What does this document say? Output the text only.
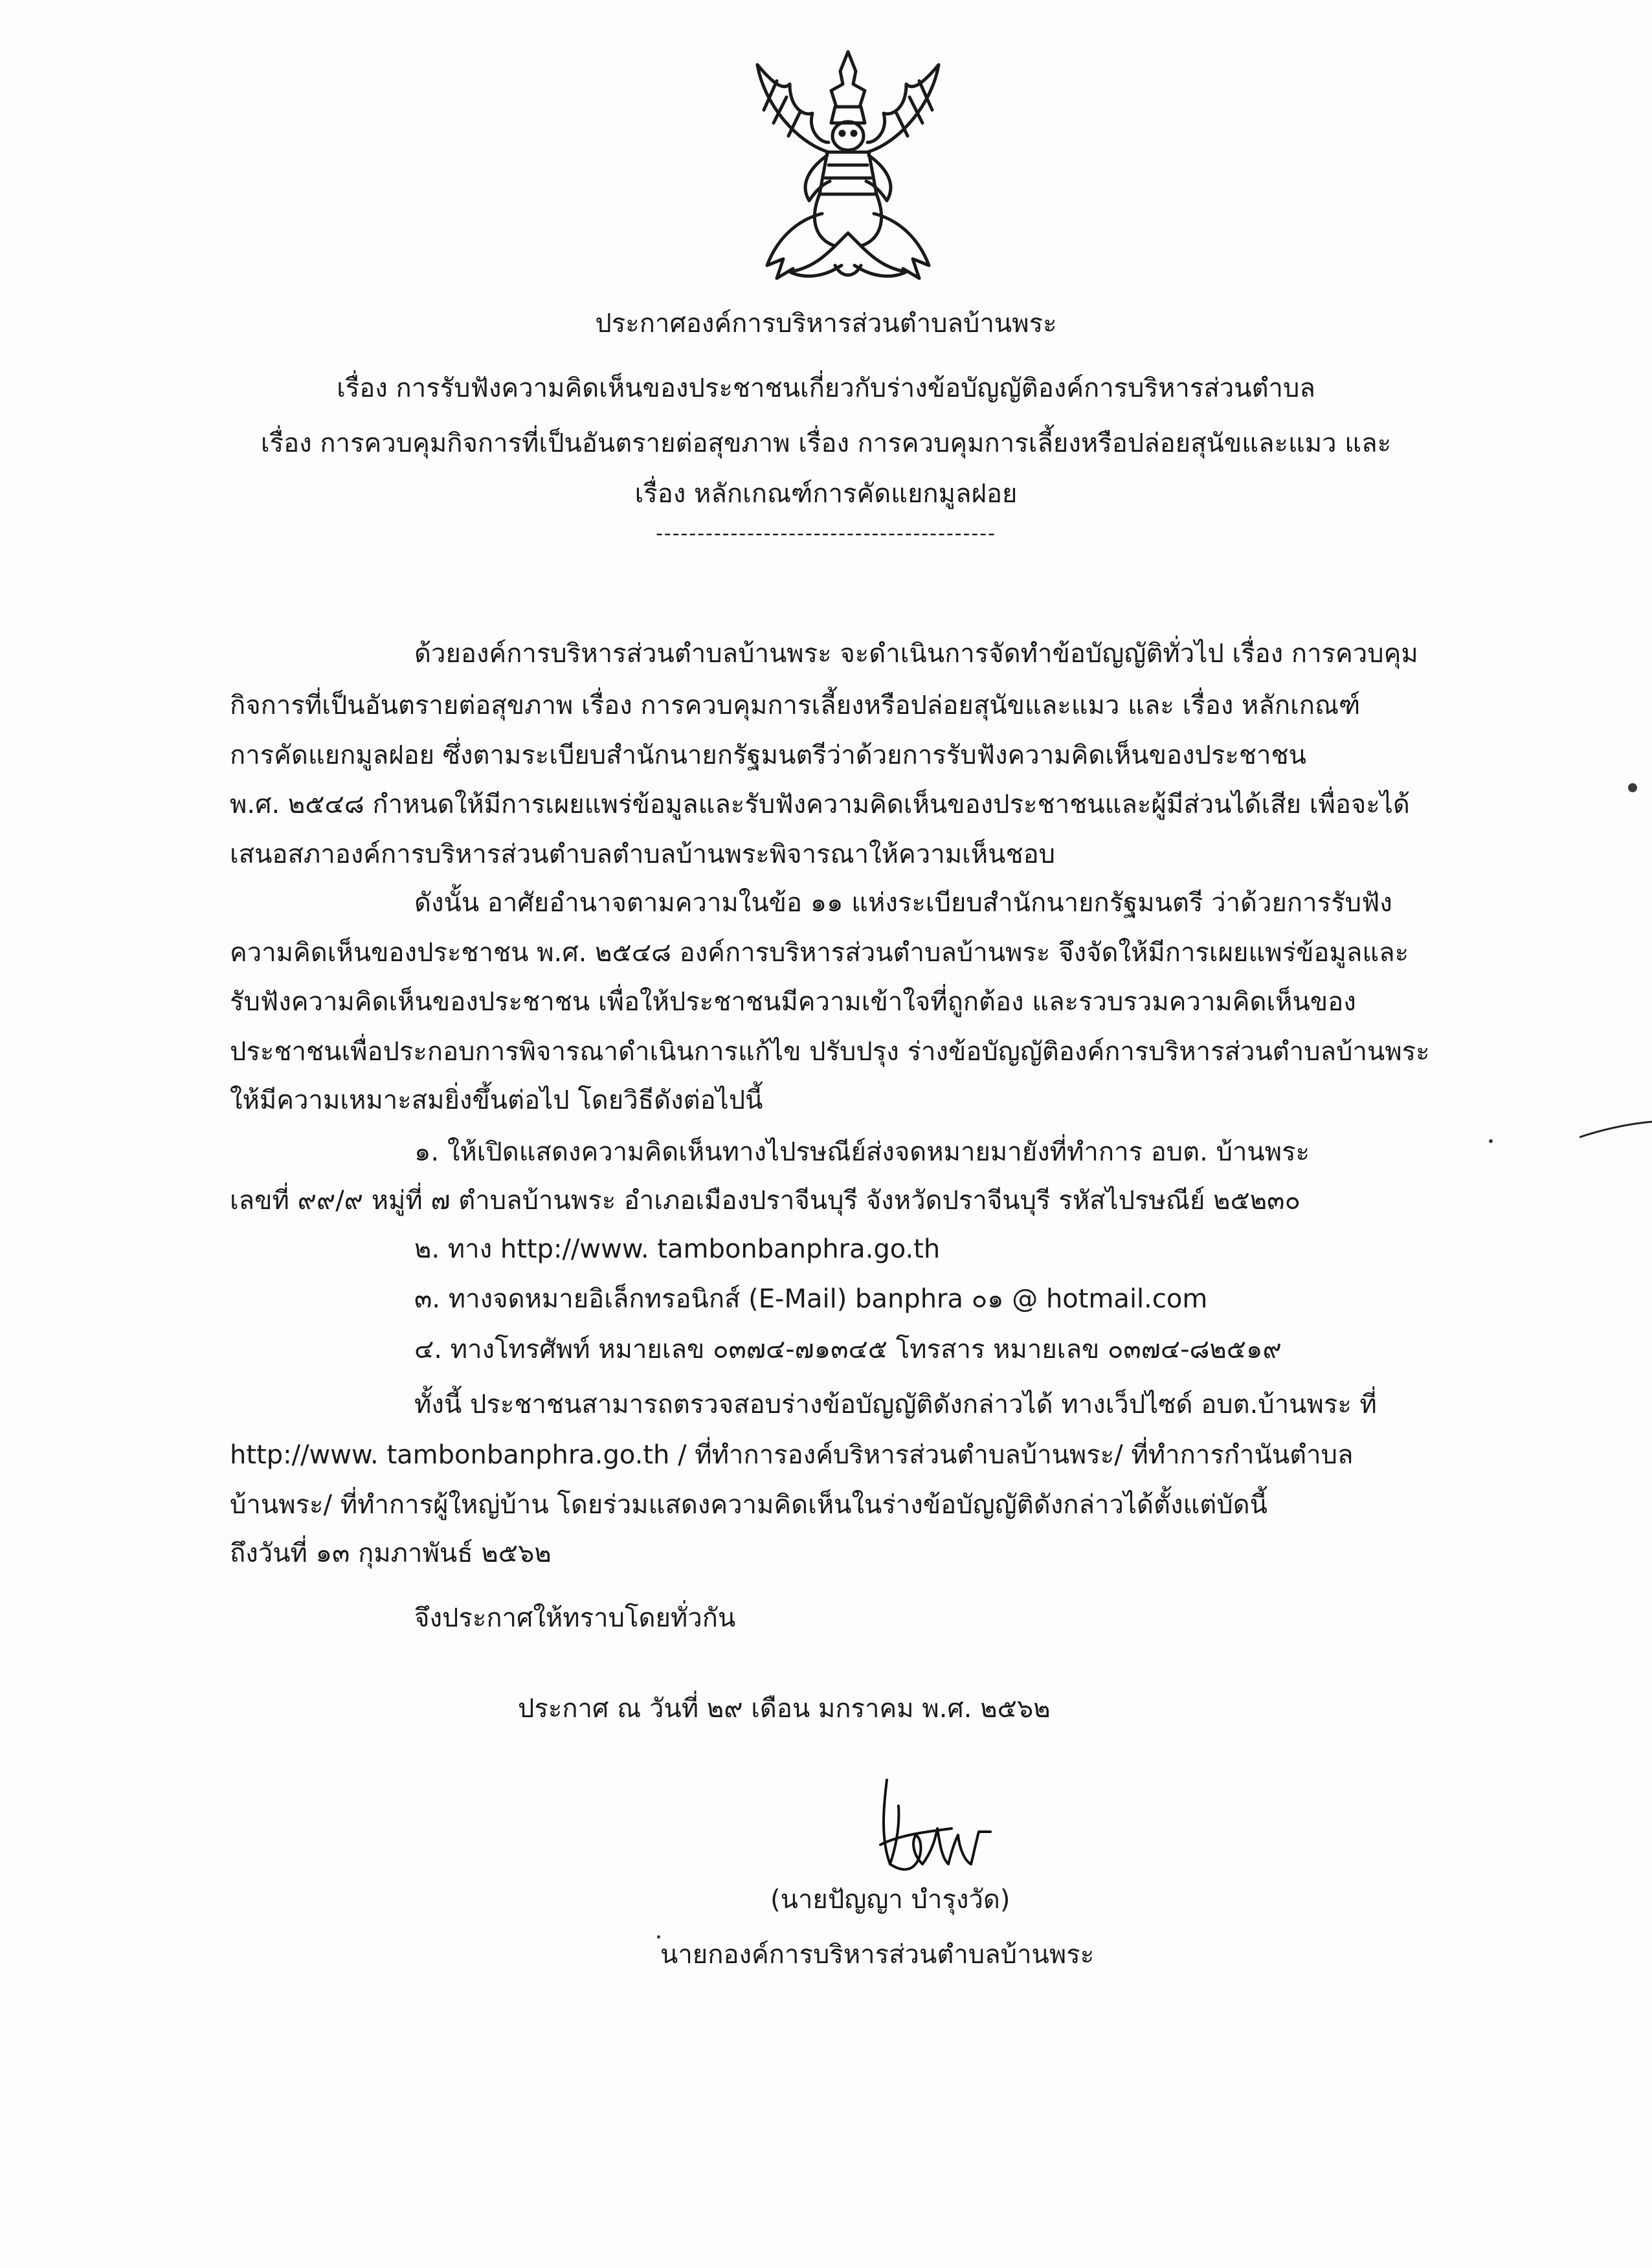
ประกาศองค์การบริหารส่วนตำบลบ้านพระ
เรื่อง การรับฟังความคิดเห็นของประชาชนเกี่ยวกับร่างข้อบัญญัติองค์การบริหารส่วนตำบล
เรื่อง การควบคุมกิจการที่เป็นอันตรายต่อสุขภาพ เรื่อง การควบคุมการเลี้ยงหรือปล่อยสุนัขและแมว และ
เรื่อง หลักเกณฑ์การคัดแยกมูลฝอย
-----------------------------------------
ด้วยองค์การบริหารส่วนตำบลบ้านพระ จะดำเนินการจัดทำข้อบัญญัติทั่วไป เรื่อง การควบคุม
กิจการที่เป็นอันตรายต่อสุขภาพ เรื่อง การควบคุมการเลี้ยงหรือปล่อยสุนัขและแมว และ เรื่อง หลักเกณฑ์
การคัดแยกมูลฝอย ซึ่งตามระเบียบสำนักนายกรัฐมนตรีว่าด้วยการรับฟังความคิดเห็นของประชาชน
พ.ศ. ๒๕๔๘ กำหนดให้มีการเผยแพร่ข้อมูลและรับฟังความคิดเห็นของประชาชนและผู้มีส่วนได้เสีย เพื่อจะได้
เสนอสภาองค์การบริหารส่วนตำบลตำบลบ้านพระพิจารณาให้ความเห็นชอบ
ดังนั้น อาศัยอำนาจตามความในข้อ ๑๑ แห่งระเบียบสำนักนายกรัฐมนตรี ว่าด้วยการรับฟัง
ความคิดเห็นของประชาชน พ.ศ. ๒๕๔๘ องค์การบริหารส่วนตำบลบ้านพระ จึงจัดให้มีการเผยแพร่ข้อมูลและ
รับฟังความคิดเห็นของประชาชน เพื่อให้ประชาชนมีความเข้าใจที่ถูกต้อง และรวบรวมความคิดเห็นของ
ประชาชนเพื่อประกอบการพิจารณาดำเนินการแก้ไข ปรับปรุง ร่างข้อบัญญัติองค์การบริหารส่วนตำบลบ้านพระ
ให้มีความเหมาะสมยิ่งขึ้นต่อไป โดยวิธีดังต่อไปนี้
๑. ให้เปิดแสดงความคิดเห็นทางไปรษณีย์ส่งจดหมายมายังที่ทำการ อบต. บ้านพระ
เลขที่ ๙๙/๙ หมู่ที่ ๗ ตำบลบ้านพระ อำเภอเมืองปราจีนบุรี จังหวัดปราจีนบุรี รหัสไปรษณีย์ ๒๕๒๓๐
๒. ทาง http://www. tambonbanphra.go.th
๓. ทางจดหมายอิเล็กทรอนิกส์ (E-Mail) banphra ๐๑ @ hotmail.com
๔. ทางโทรศัพท์ หมายเลข ๐๓๗๔-๗๑๓๔๕ โทรสาร หมายเลข ๐๓๗๔-๘๒๕๑๙
ทั้งนี้ ประชาชนสามารถตรวจสอบร่างข้อบัญญัติดังกล่าวได้ ทางเว็ปไซด์ อบต.บ้านพระ ที่
http://www. tambonbanphra.go.th / ที่ทำการองค์บริหารส่วนตำบลบ้านพระ/ ที่ทำการกำนันตำบล
บ้านพระ/ ที่ทำการผู้ใหญ่บ้าน โดยร่วมแสดงความคิดเห็นในร่างข้อบัญญัติดังกล่าวได้ตั้งแต่บัดนี้
ถึงวันที่ ๑๓ กุมภาพันธ์ ๒๕๖๒
จึงประกาศให้ทราบโดยทั่วกัน
ประกาศ ณ วันที่ ๒๙ เดือน มกราคม พ.ศ. ๒๕๖๒
(นายปัญญา บำรุงวัด)
นายกองค์การบริหารส่วนตำบลบ้านพระ
